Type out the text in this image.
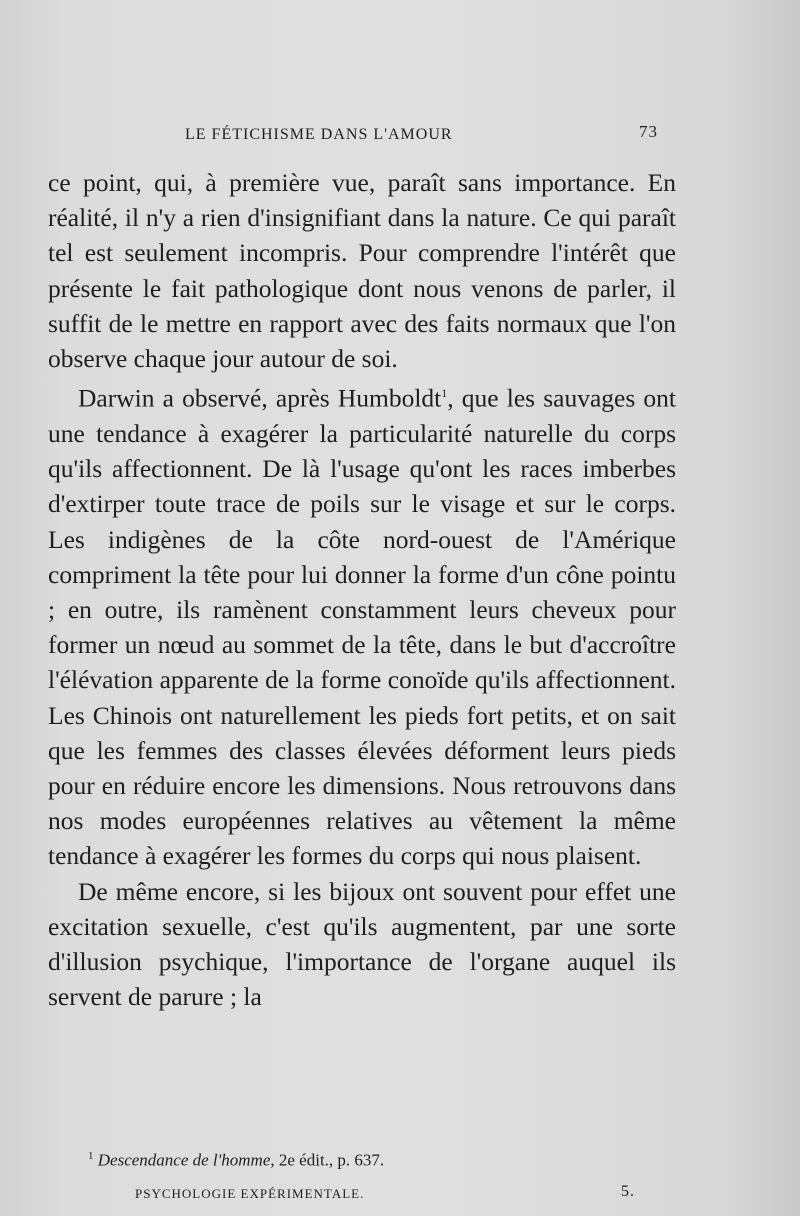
LE FÉTICHISME DANS L'AMOUR	73

ce point, qui, à première vue, paraît sans importance. En réalité, il n'y a rien d'insignifiant dans la nature. Ce qui paraît tel est seulement incompris. Pour comprendre l'intérêt que présente le fait pathologique dont nous venons de parler, il suffit de le mettre en rapport avec des faits normaux que l'on observe chaque jour autour de soi.

Darwin a observé, après Humboldt$^1$, que les sauvages ont une tendance à exagérer la particularité naturelle du corps qu'ils affectionnent. De là l'usage qu'ont les races imberbes d'extirper toute trace de poils sur le visage et sur le corps. Les indigènes de la côte nord-ouest de l'Amérique compriment la tête pour lui donner la forme d'un cône pointu ; en outre, ils ramènent constamment leurs cheveux pour former un nœud au sommet de la tête, dans le but d'accroître l'élévation apparente de la forme conoïde qu'ils affectionnent. Les Chinois ont naturellement les pieds fort petits, et on sait que les femmes des classes élevées déforment leurs pieds pour en réduire encore les dimensions. Nous retrouvons dans nos modes européennes relatives au vêtement la même tendance à exagérer les formes du corps qui nous plaisent.

De même encore, si les bijoux ont souvent pour effet une excitation sexuelle, c'est qu'ils augmentent, par une sorte d'illusion psychique, l'importance de l'organe auquel ils servent de parure ; la

$^1$ Descendance de l'homme, 2e édit., p. 637.
PSYCHOLOGIE EXPÉRIMENTALE.	5.
